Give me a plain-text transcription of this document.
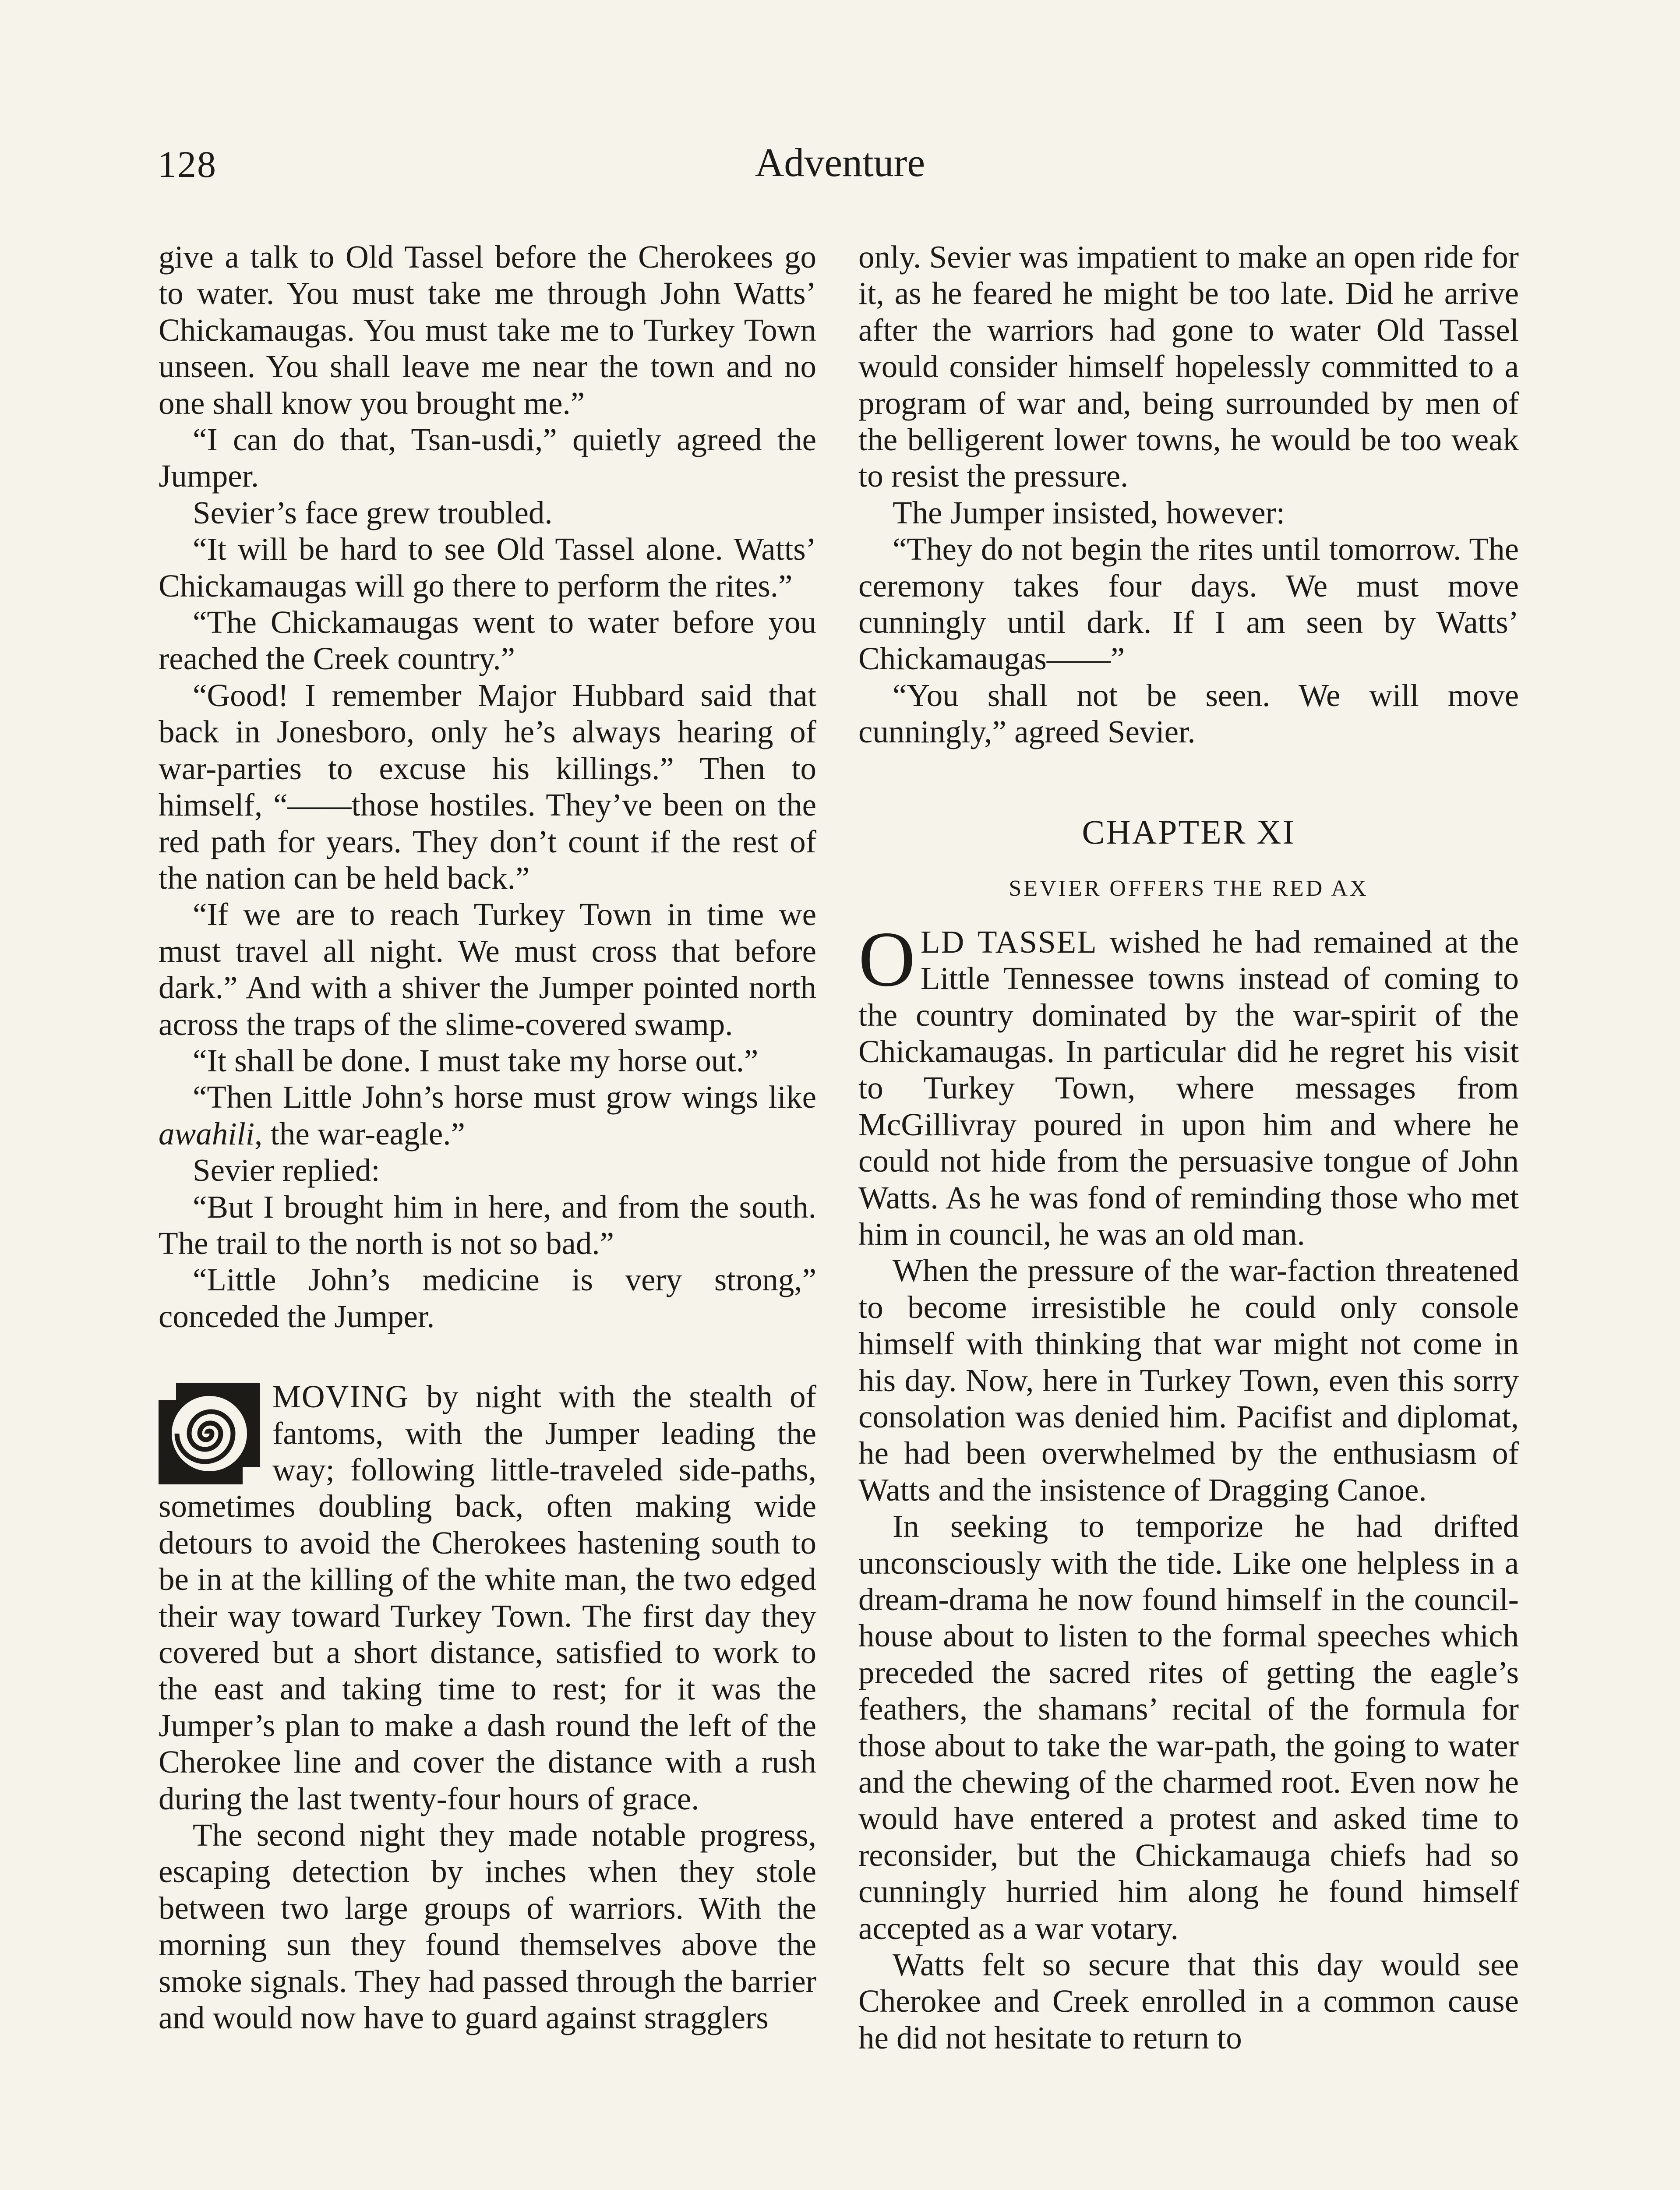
128	Adventure

give a talk to Old Tassel before the Cherokees go to water. You must take me through John Watts’ Chickamaugas. You must take me to Turkey Town unseen. You shall leave me near the town and no one shall know you brought me.”

“I can do that, Tsan-usdi,” quietly agreed the Jumper.

Sevier’s face grew troubled.

“It will be hard to see Old Tassel alone. Watts’ Chickamaugas will go there to perform the rites.”

“The Chickamaugas went to water before you reached the Creek country.”

“Good! I remember Major Hubbard said that back in Jonesboro, only he’s always hearing of war-parties to excuse his killings.” Then to himself, “——those hostiles. They’ve been on the red path for years. They don’t count if the rest of the nation can be held back.”

“If we are to reach Turkey Town in time we must travel all night. We must cross that before dark.” And with a shiver the Jumper pointed north across the traps of the slime-covered swamp.

“It shall be done. I must take my horse out.”

“Then Little John’s horse must grow wings like awahili, the war-eagle.”

Sevier replied:

“But I brought him in here, and from the south. The trail to the north is not so bad.”

“Little John’s medicine is very strong,” conceded the Jumper.

MOVING by night with the stealth of fantoms, with the Jumper leading the way; following little-traveled side-paths, sometimes doubling back, often making wide detours to avoid the Cherokees hastening south to be in at the killing of the white man, the two edged their way toward Turkey Town. The first day they covered but a short distance, satisfied to work to the east and taking time to rest; for it was the Jumper’s plan to make a dash round the left of the Cherokee line and cover the distance with a rush during the last twenty-four hours of grace.

The second night they made notable progress, escaping detection by inches when they stole between two large groups of warriors. With the morning sun they found themselves above the smoke signals. They had passed through the barrier and would now have to guard against stragglers

only. Sevier was impatient to make an open ride for it, as he feared he might be too late. Did he arrive after the warriors had gone to water Old Tassel would consider himself hopelessly committed to a program of war and, being surrounded by men of the belligerent lower towns, he would be too weak to resist the pressure.

The Jumper insisted, however:

“They do not begin the rites until tomorrow. The ceremony takes four days. We must move cunningly until dark. If I am seen by Watts’ Chickamaugas——”

“You shall not be seen. We will move cunningly,” agreed Sevier.

CHAPTER XI
SEVIER OFFERS THE RED AX

OLD TASSEL wished he had remained at the Little Tennessee towns instead of coming to the country dominated by the war-spirit of the Chickamaugas. In particular did he regret his visit to Turkey Town, where messages from McGillivray poured in upon him and where he could not hide from the persuasive tongue of John Watts. As he was fond of reminding those who met him in council, he was an old man.

When the pressure of the war-faction threatened to become irresistible he could only console himself with thinking that war might not come in his day. Now, here in Turkey Town, even this sorry consolation was denied him. Pacifist and diplomat, he had been overwhelmed by the enthusiasm of Watts and the insistence of Dragging Canoe.

In seeking to temporize he had drifted unconsciously with the tide. Like one helpless in a dream-drama he now found himself in the council-house about to listen to the formal speeches which preceded the sacred rites of getting the eagle’s feathers, the shamans’ recital of the formula for those about to take the war-path, the going to water and the chewing of the charmed root. Even now he would have entered a protest and asked time to reconsider, but the Chickamauga chiefs had so cunningly hurried him along he found himself accepted as a war votary.

Watts felt so secure that this day would see Cherokee and Creek enrolled in a common cause he did not hesitate to return to
